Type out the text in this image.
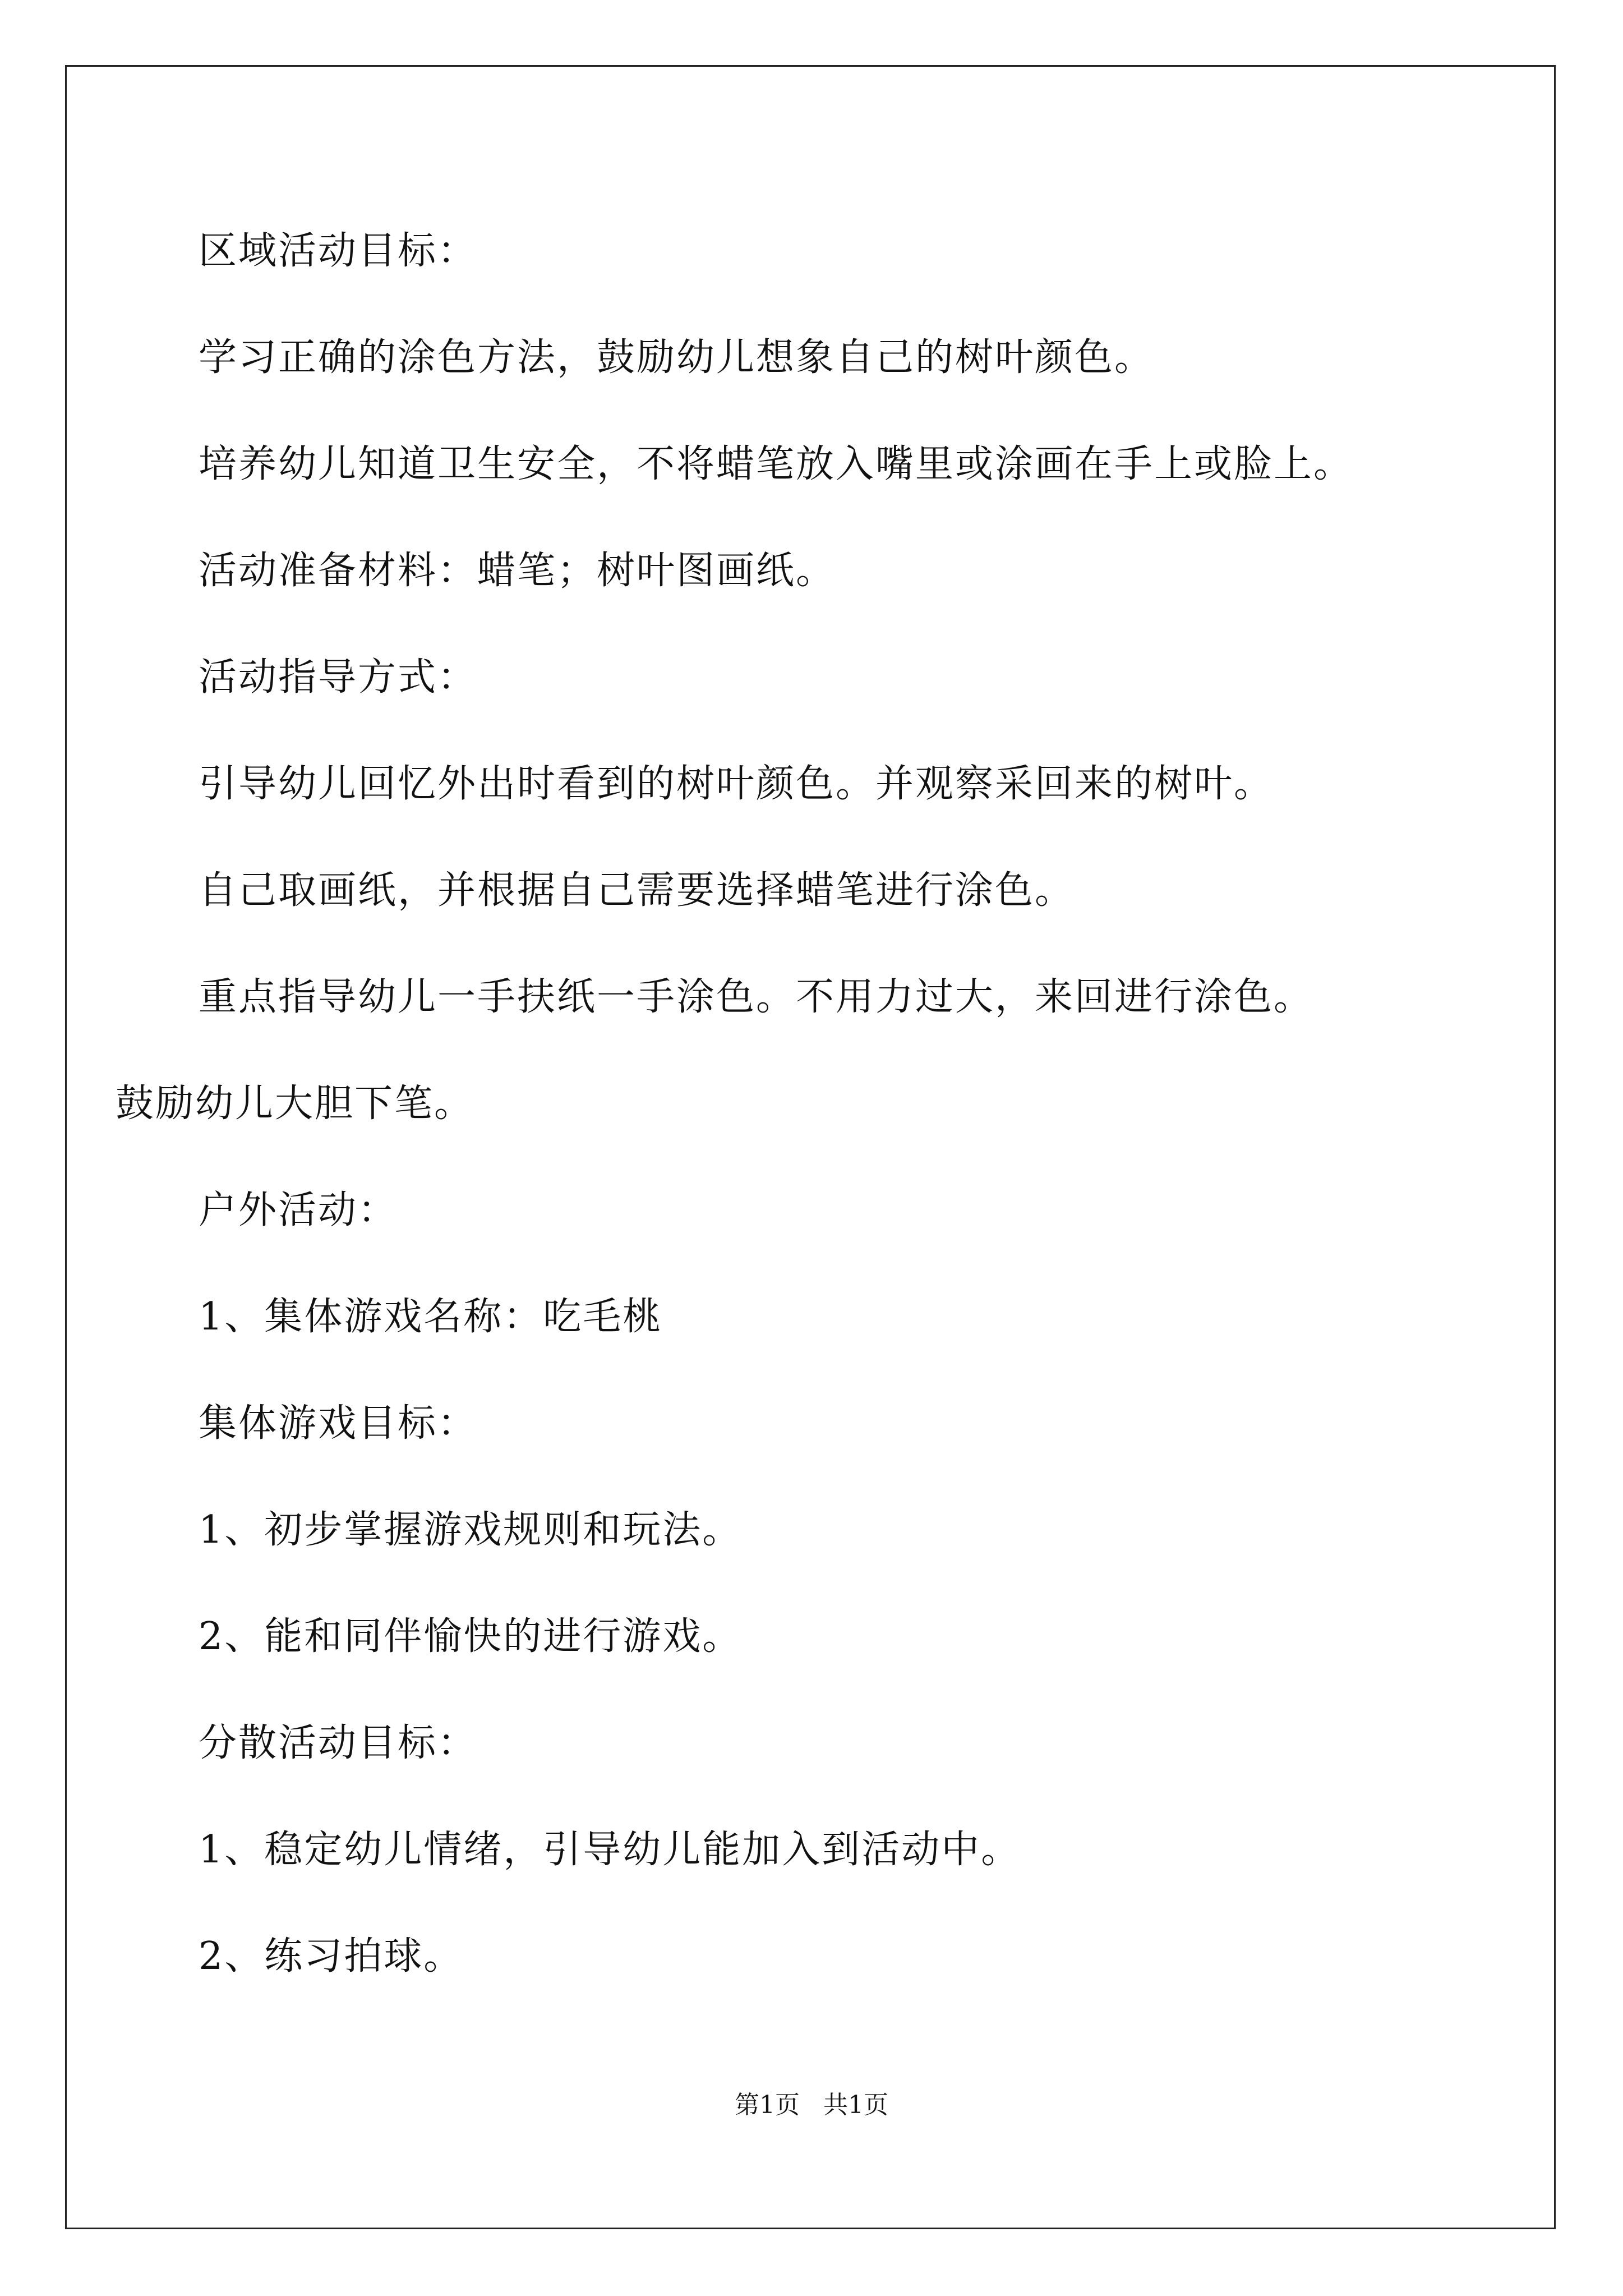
区域活动目标：
学习正确的涂色方法，鼓励幼儿想象自己的树叶颜色。
培养幼儿知道卫生安全，不将蜡笔放入嘴里或涂画在手上或脸上。
活动准备材料：蜡笔；树叶图画纸。
活动指导方式：
引导幼儿回忆外出时看到的树叶颜色。并观察采回来的树叶。
自己取画纸，并根据自己需要选择蜡笔进行涂色。
重点指导幼儿一手扶纸一手涂色。不用力过大，来回进行涂色。
鼓励幼儿大胆下笔。
户外活动：
1、集体游戏名称：吃毛桃
集体游戏目标：
1、初步掌握游戏规则和玩法。
2、能和同伴愉快的进行游戏。
分散活动目标：
1、稳定幼儿情绪，引导幼儿能加入到活动中。
2、练习拍球。
第1页   共1页
